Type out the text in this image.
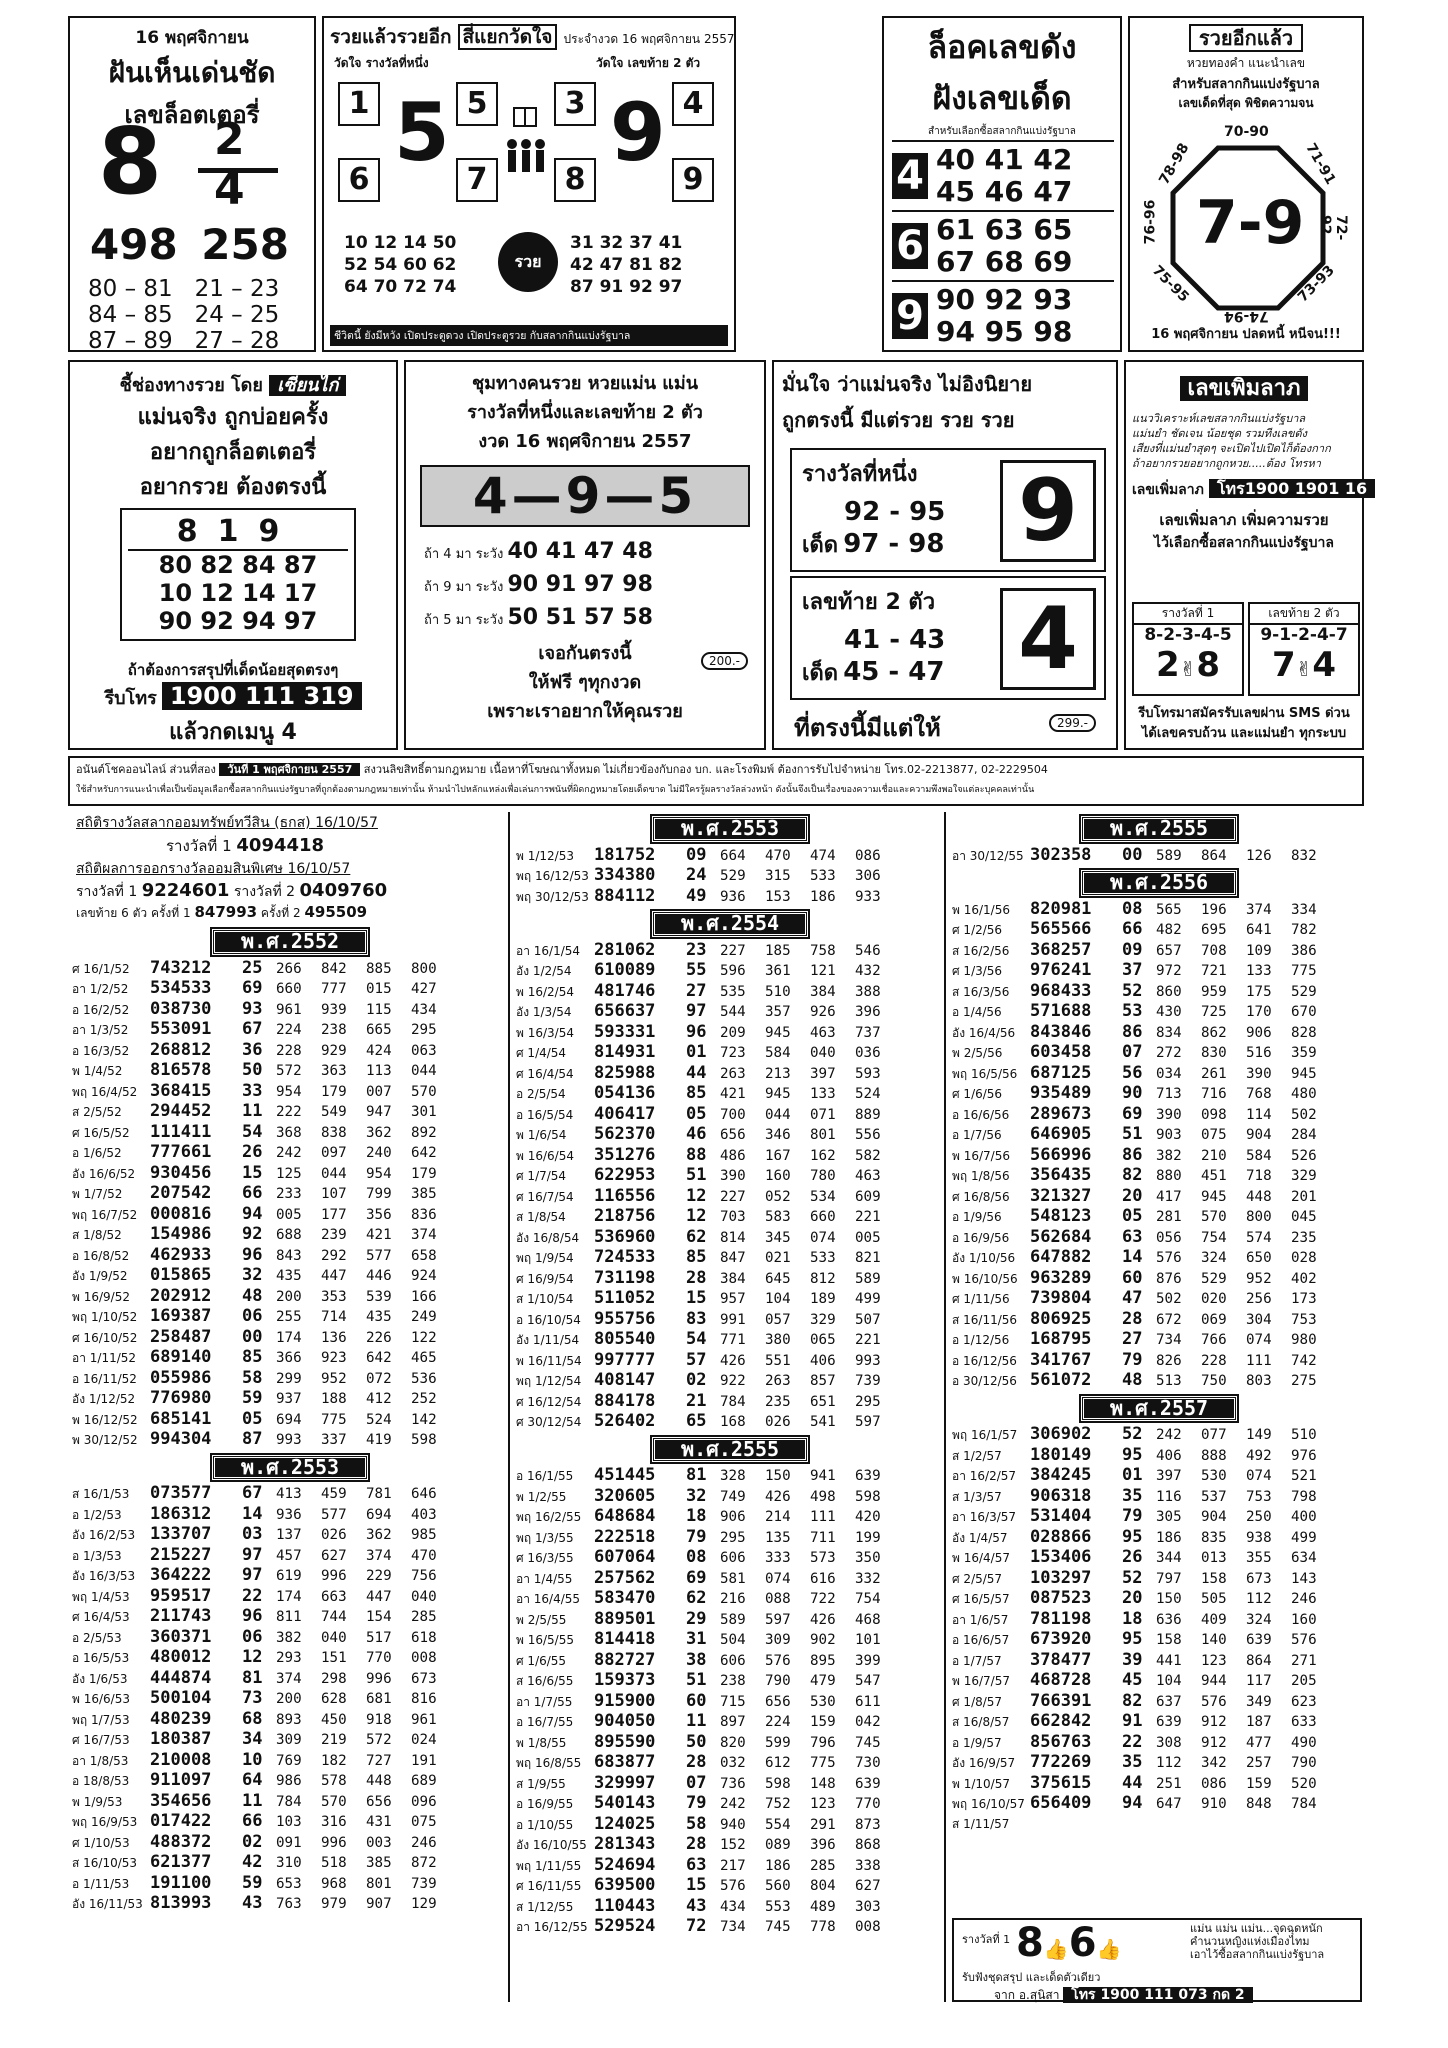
16 พฤศจิกายน
ฝันเห็นเด่นชัด
เลขล็อตเตอรี่
8 2
4
498 258
80 – 81 21 – 23
84 – 85 24 – 25
87 – 89 27 – 28
รวยแล้วรวยอีก สี่แยกวัดใจ ประจำงวด 16 พฤศจิกายน 2557
วัดใจ รางวัลที่หนึ่ง	วัดใจ เลขท้าย 2 ตัว
1	5
6	7
5	3	4
8	9
9
10 12 14 50
52 54 60 62
64 70 72 74
รวย
31 32 37 41
42 47 81 82
87 91 92 97
ชีวิตนี้ ยังมีหวัง เปิดประตูดวง เปิดประตูรวย กับสลากกินแบ่งรัฐบาล
ล็อคเลขดัง
ฝังเลขเด็ด
สำหรับเลือกซื้อสลากกินแบ่งรัฐบาล
4 40 41 42
45 46 47
6 61 63 65
67 68 69
9 90 92 93
94 95 98
รวยอีกแล้ว
หวยทองคำ แนะนำเลข
สำหรับสลากกินแบ่งรัฐบาล
เลขเด็ดที่สุด พิชิตความจน
7-9
70-90
71-91
72-92
73-93
74-94
75-95
76-96
78-98
16 พฤศจิกายน ปลดหนี้ หนีจน!!!
ชี้ช่องทางรวย โดย เซียนไก่
แม่นจริง ถูกบ่อยครั้ง
อยากถูกล็อตเตอรี่
อยากรวย ต้องตรงนี้
819
80 82 84 87
10 12 14 17
90 92 94 97
ถ้าต้องการสรุปที่เด็ดน้อยสุดตรงๆ
รีบโทร 1900 111 319
แล้วกดเมนู 4
ชุมทางคนรวย หวยแม่น แม่น
รางวัลที่หนึ่งและเลขท้าย 2 ตัว
งวด 16 พฤศจิกายน 2557
4—9—5
ถ้า 4 มา ระวัง 40 41 47 48
ถ้า 9 มา ระวัง 90 91 97 98
ถ้า 5 มา ระวัง 50 51 57 58
เจอกันตรงนี้
ให้ฟรี ๆทุกงวด
เพราะเราอยากให้คุณรวย
200.-
มั่นใจ ว่าแม่นจริง ไม่อิงนิยาย
ถูกตรงนี้ มีแต่รวย รวย รวย
รางวัลที่หนึ่ง
92 - 95
เด็ด 97 - 98 9
เลขท้าย 2 ตัว
41 - 43
เด็ด 45 - 47 4
ที่ตรงนี้มีแต่ให้	299.-
เลขเพิ่มลาภ
แนววิเคราะห์เลขสลากกินแบ่งรัฐบาล
แม่นยำ ชัดเจน น้อยชุด รวมทีงเลขดัง
เสียงที่แม่นยำสุดๆ จะเปิดไปเปิดไก็ต้องกาก
ถ้าอยากรวยอยากถูกหวย.....ต้อง โทรหา
เลขเพิ่มลาภ โทร1900 1901 16
เลขเพิ่มลาภ เพิ่มความรวย
ไว้เลือกซื้อสลากกินแบ่งรัฐบาล
รางวัลที่ 1
8-2-3-4-5
2✌8
เลขท้าย 2 ตัว
9-1-2-4-7
7✌4
รีบโทรมาสมัครรับเลขผ่าน SMS ด่วน
ได้เลขครบถ้วน และแม่นยำ ทุกระบบ
อนันต์โชคออนไลน์ ส่วนที่สอง วันที่ 1 พฤศจิกายน 2557 สงวนลิขสิทธิ์ตามกฎหมาย เนื้อหาที่โฆษณาทั้งหมด ไม่เกี่ยวข้องกับกอง บก. และโรงพิมพ์ ต้องการรับไปจำหน่าย โทร.02-2213877, 02-2229504
ใช้สำหรับการแนะนำเพื่อเป็นข้อมูลเลือกซื้อสลากกินแบ่งรัฐบาลที่ถูกต้องตามกฎหมายเท่านั้น ห้ามนำไปหลักแหล่งเพื่อเล่นการพนันที่ผิดกฎหมายโดยเด็ดขาด ไม่มีใครรู้ผลรางวัลล่วงหน้า ดังนั้นจึงเป็นเรื่องของความเชื่อและความพึงพอใจแต่ละบุคคลเท่านั้น
สถิติรางวัลสลากออมทรัพย์ทวีสิน (ธกส) 16/10/57
รางวัลที่ 1 4094418
สถิติผลการออกรางวัลออมสินพิเศษ 16/10/57
รางวัลที่ 1 9224601 รางวัลที่ 2 0409760
เลขท้าย 6 ตัว ครั้งที่ 1 847993 ครั้งที่ 2 495509
พ.ศ.2552
ศ 16/1/52 743212 25 266 842 885 800
อา 1/2/52 534533 69 660 777 015 427
อ 16/2/52 038730 93 961 939 115 434
อา 1/3/52 553091 67 224 238 665 295
อ 16/3/52 268812 36 228 929 424 063
พ 1/4/52 816578 50 572 363 113 044
พฤ 16/4/52 368415 33 954 179 007 570
ส 2/5/52 294452 11 222 549 947 301
ศ 16/5/52 111411 54 368 838 362 892
อ 1/6/52 777661 26 242 097 240 642
อัง 16/6/52 930456 15 125 044 954 179
พ 1/7/52 207542 66 233 107 799 385
พฤ 16/7/52 000816 94 005 177 356 836
ส 1/8/52 154986 92 688 239 421 374
อ 16/8/52 462933 96 843 292 577 658
อัง 1/9/52 015865 32 435 447 446 924
พ 16/9/52 202912 48 200 353 539 166
พฤ 1/10/52 169387 06 255 714 435 249
ศ 16/10/52 258487 00 174 136 226 122
อา 1/11/52 689140 85 366 923 642 465
อ 16/11/52 055986 58 299 952 072 536
อัง 1/12/52 776980 59 937 188 412 252
พ 16/12/52 685141 05 694 775 524 142
พ 30/12/52 994304 87 993 337 419 598
พ.ศ.2553
ส 16/1/53 073577 67 413 459 781 646
อ 1/2/53 186312 14 936 577 694 403
อัง 16/2/53 133707 03 137 026 362 985
อ 1/3/53 215227 97 457 627 374 470
อัง 16/3/53 364222 97 619 996 229 756
พฤ 1/4/53 959517 22 174 663 447 040
ศ 16/4/53 211743 96 811 744 154 285
อ 2/5/53 360371 06 382 040 517 618
อ 16/5/53 480012 12 293 151 770 008
อัง 1/6/53 444874 81 374 298 996 673
พ 16/6/53 500104 73 200 628 681 816
พฤ 1/7/53 480239 68 893 450 918 961
ศ 16/7/53 180387 34 309 219 572 024
อา 1/8/53 210008 10 769 182 727 191
อ 18/8/53 911097 64 986 578 448 689
พ 1/9/53 354656 11 784 570 656 096
พฤ 16/9/53 017422 66 103 316 431 075
ศ 1/10/53 488372 02 091 996 003 246
ส 16/10/53 621377 42 310 518 385 872
อ 1/11/53 191100 59 653 968 801 739
อัง 16/11/53 813993 43 763 979 907 129
พ.ศ.2553
พ 1/12/53 181752 09 664 470 474 086
พฤ 16/12/53 334380 24 529 315 533 306
พฤ 30/12/53 884112 49 936 153 186 933
พ.ศ.2554
อา 16/1/54 281062 23 227 185 758 546
อัง 1/2/54 610089 55 596 361 121 432
พ 16/2/54 481746 27 535 510 384 388
อัง 1/3/54 656637 97 544 357 926 396
พ 16/3/54 593331 96 209 945 463 737
ศ 1/4/54 814931 01 723 584 040 036
ศ 16/4/54 825988 44 263 213 397 593
อ 2/5/54 054136 85 421 945 133 524
อ 16/5/54 406417 05 700 044 071 889
พ 1/6/54 562370 46 656 346 801 556
พ 16/6/54 351276 88 486 167 162 582
ศ 1/7/54 622953 51 390 160 780 463
ศ 16/7/54 116556 12 227 052 534 609
ส 1/8/54 218756 12 703 583 660 221
อัง 16/8/54 536960 62 814 345 074 005
พฤ 1/9/54 724533 85 847 021 533 821
ศ 16/9/54 731198 28 384 645 812 589
ส 1/10/54 511052 15 957 104 189 499
อ 16/10/54 955756 83 991 057 329 507
อัง 1/11/54 805540 54 771 380 065 221
พ 16/11/54 997777 57 426 551 406 993
พฤ 1/12/54 408147 02 922 263 857 739
ศ 16/12/54 884178 21 784 235 651 295
ศ 30/12/54 526402 65 168 026 541 597
พ.ศ.2555
อ 16/1/55 451445 81 328 150 941 639
พ 1/2/55 320605 32 749 426 498 598
พฤ 16/2/55 648684 18 906 214 111 420
พฤ 1/3/55 222518 79 295 135 711 199
ศ 16/3/55 607064 08 606 333 573 350
อา 1/4/55 257562 69 581 074 616 332
อา 16/4/55 583470 62 216 088 722 754
พ 2/5/55 889501 29 589 597 426 468
พ 16/5/55 814418 31 504 309 902 101
ศ 1/6/55 882727 38 606 576 895 399
ส 16/6/55 159373 51 238 790 479 547
อา 1/7/55 915900 60 715 656 530 611
อ 16/7/55 904050 11 897 224 159 042
พ 1/8/55 895590 50 820 599 796 745
พฤ 16/8/55 683877 28 032 612 775 730
ส 1/9/55 329997 07 736 598 148 639
อ 16/9/55 540143 79 242 752 123 770
อ 1/10/55 124025 58 940 554 291 873
อัง 16/10/55 281343 28 152 089 396 868
พฤ 1/11/55 524694 63 217 186 285 338
ศ 16/11/55 639500 15 576 560 804 627
ส 1/12/55 110443 43 434 553 489 303
อา 16/12/55 529524 72 734 745 778 008
พ.ศ.2555
อา 30/12/55 302358 00 589 864 126 832
พ.ศ.2556
พ 16/1/56 820981 08 565 196 374 334
ศ 1/2/56 565566 66 482 695 641 782
ส 16/2/56 368257 09 657 708 109 386
ศ 1/3/56 976241 37 972 721 133 775
ส 16/3/56 968433 52 860 959 175 529
อ 1/4/56 571688 53 430 725 170 670
อัง 16/4/56 843846 86 834 862 906 828
พ 2/5/56 603458 07 272 830 516 359
พฤ 16/5/56 687125 56 034 261 390 945
ศ 1/6/56 935489 90 713 716 768 480
อ 16/6/56 289673 69 390 098 114 502
อ 1/7/56 646905 51 903 075 904 284
พ 16/7/56 566996 86 382 210 584 526
พฤ 1/8/56 356435 82 880 451 718 329
ศ 16/8/56 321327 20 417 945 448 201
อ 1/9/56 548123 05 281 570 800 045
อ 16/9/56 562684 63 056 754 574 235
อัง 1/10/56 647882 14 576 324 650 028
พ 16/10/56 963289 60 876 529 952 402
ศ 1/11/56 739804 47 502 020 256 173
ส 16/11/56 806925 28 672 069 304 753
อ 1/12/56 168795 27 734 766 074 980
อ 16/12/56 341767 79 826 228 111 742
อ 30/12/56 561072 48 513 750 803 275
พ.ศ.2557
พฤ 16/1/57 306902 52 242 077 149 510
ส 1/2/57 180149 95 406 888 492 976
อา 16/2/57 384245 01 397 530 074 521
ส 1/3/57 906318 35 116 537 753 798
อา 16/3/57 531404 79 305 904 250 400
อัง 1/4/57 028866 95 186 835 938 499
พ 16/4/57 153406 26 344 013 355 634
ศ 2/5/57 103297 52 797 158 673 143
ศ 16/5/57 087523 20 150 505 112 246
อา 1/6/57 781198 18 636 409 324 160
อ 16/6/57 673920 95 158 140 639 576
อ 1/7/57 378477 39 441 123 864 271
พ 16/7/57 468728 45 104 944 117 205
ศ 1/8/57 766391 82 637 576 349 623
ส 16/8/57 662842 91 639 912 187 633
อ 1/9/57 856763 22 308 912 477 490
อัง 16/9/57 772269 35 112 342 257 790
พ 1/10/57 375615 44 251 086 159 520
พฤ 16/10/57 656409 94 647 910 848 784
ส 1/11/57
รางวัลที่ 1 8👍6👍
แม่น แม่น แม่น...จุดฉุดหนัก
คำนวนหญิงแห่งเมืองไทม
เอาไว้ซื้อสลากกินแบ่งรัฐบาล
รับฟังชุดสรุป และเด็ดตัวเดียว
จาก อ.สุนิสา โทร 1900 111 073 กด 2
